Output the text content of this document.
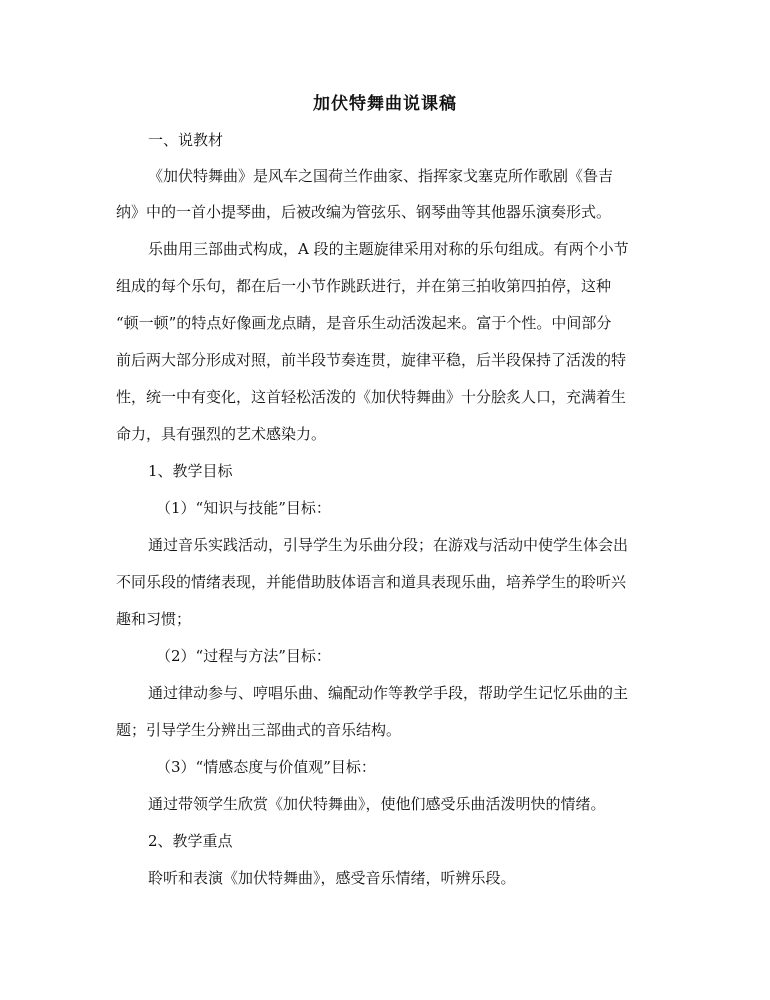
加伏特舞曲说课稿
一、说教材
《加伏特舞曲》是风车之国荷兰作曲家、指挥家戈塞克所作歌剧《鲁吉
纳》中的一首小提琴曲，后被改编为管弦乐、钢琴曲等其他器乐演奏形式。
乐曲用三部曲式构成，A 段的主题旋律采用对称的乐句组成。有两个小节
组成的每个乐句，都在后一小节作跳跃进行，并在第三拍收第四拍停，这种
“顿一顿”的特点好像画龙点睛，是音乐生动活泼起来。富于个性。中间部分
前后两大部分形成对照，前半段节奏连贯，旋律平稳，后半段保持了活泼的特
性，统一中有变化，这首轻松活泼的《加伏特舞曲》十分脍炙人口，充满着生
命力，具有强烈的艺术感染力。
1、教学目标
（1）“知识与技能”目标：
通过音乐实践活动，引导学生为乐曲分段；在游戏与活动中使学生体会出
不同乐段的情绪表现，并能借助肢体语言和道具表现乐曲，培养学生的聆听兴
趣和习惯；
（2）“过程与方法”目标：
通过律动参与、哼唱乐曲、编配动作等教学手段，帮助学生记忆乐曲的主
题；引导学生分辨出三部曲式的音乐结构。
（3）“情感态度与价值观”目标：
通过带领学生欣赏《加伏特舞曲》，使他们感受乐曲活泼明快的情绪。
2、教学重点
聆听和表演《加伏特舞曲》，感受音乐情绪，听辨乐段。
